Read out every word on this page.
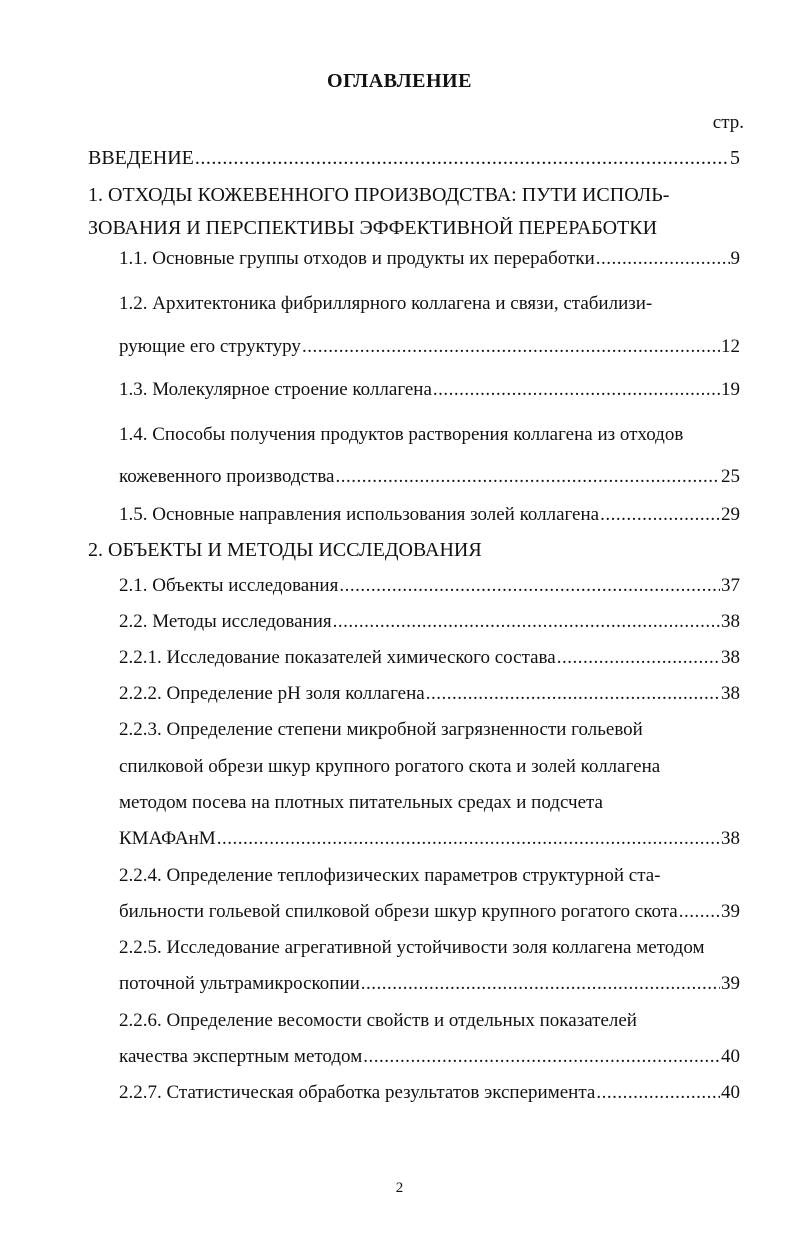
ОГЛАВЛЕНИЕ
стр.
ВВЕДЕНИЕ .....	5
1. ОТХОДЫ КОЖЕВЕННОГО ПРОИЗВОДСТВА: ПУТИ ИСПОЛЬ-
ЗОВАНИЯ И ПЕРСПЕКТИВЫ ЭФФЕКТИВНОЙ ПЕРЕРАБОТКИ
1.1. Основные группы отходов и продукты их переработки .....	9
1.2. Архитектоника фибриллярного коллагена и связи, стабилизи-
рующие его структуру .....	12
1.3. Молекулярное строение коллагена .....	19
1.4. Способы получения продуктов растворения коллагена из отходов
кожевенного производства .....	25
1.5. Основные направления использования золей коллагена .....	29
2. ОБЪЕКТЫ И МЕТОДЫ ИССЛЕДОВАНИЯ
2.1. Объекты исследования .....	37
2.2. Методы исследования .....	38
2.2.1. Исследование показателей химического состава .....	38
2.2.2. Определение рН золя коллагена .....	38
2.2.3. Определение степени микробной загрязненности гольевой
спилковой обрези шкур крупного рогатого скота и золей коллагена
методом посева на плотных питательных средах и подсчета
КМАФАнМ .....	38
2.2.4. Определение теплофизических параметров структурной ста-
бильности гольевой спилковой обрези шкур крупного рогатого скота ..... 39
2.2.5. Исследование агрегативной устойчивости золя коллагена методом
поточной ультрамикроскопии .....	39
2.2.6. Определение весомости свойств и отдельных показателей
качества экспертным методом .....	40
2.2.7. Статистическая обработка результатов эксперимента .....	40
2
